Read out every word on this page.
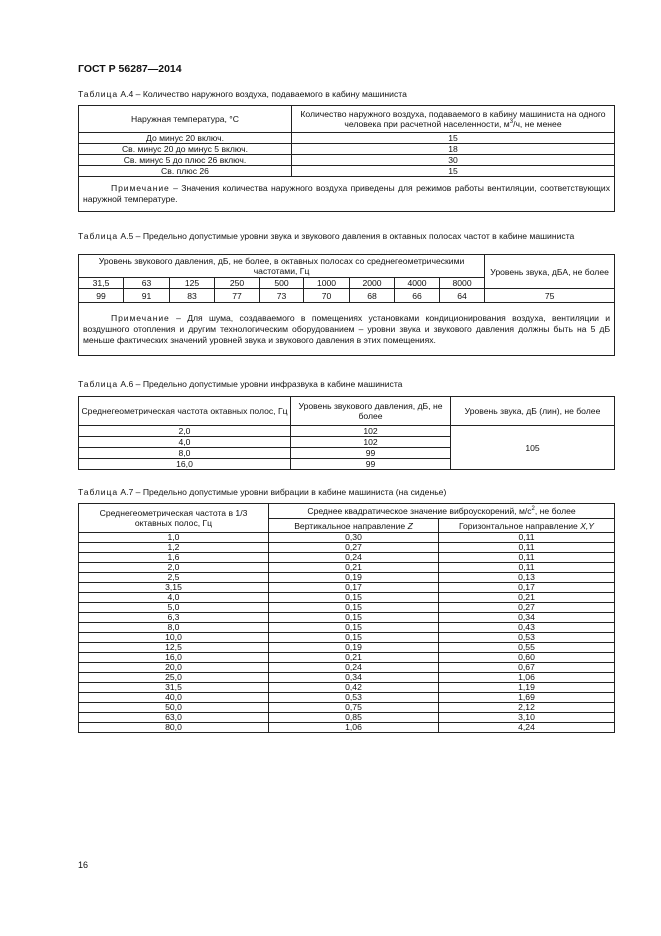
ГОСТ Р 56287—2014
Таблица А.4 – Количество наружного воздуха, подаваемого в кабину машиниста
Наружная температура, °С	Количество наружного воздуха, подаваемого в кабину машиниста на одного человека при расчетной населенности, $м^3/ч$, не менее
До минус 20 включ.	15
Св. минус 20 до минус 5 включ.	18
Св. минус 5 до плюс 26 включ.	30
Св. плюс 26	15
Примечание – Значения количества наружного воздуха приведены для режимов работы вентиляции, соответствующих наружной температуре.	
Таблица А.5 – Предельно допустимые уровни звука и звукового давления в октавных полосах частот в кабине машиниста
Уровень звукового давления, дБ, не более, в октавных полосах со среднегеометрическими частотами, Гц									Уровень звука, дБА, не более
31,5	63	125	250	500	1000	2000	4000	8000	
99	91	83	77	73	70	68	66	64	75
Примечание – Для шума, создаваемого в помещениях установками кондиционирования воздуха, вентиляции и воздушного отопления и другим технологическим оборудованием – уровни звука и звукового давления должны быть на 5 дБ меньше фактических значений уровней звука и звукового давления в этих помещениях.									
Таблица А.6 – Предельно допустимые уровни инфразвука в кабине машиниста
Среднегеометрическая частота октавных полос, Гц	Уровень звукового давления, дБ, не более	Уровень звука, дБ (лин), не более
2,0	102	105
4,0	102	
8,0	99	
16,0	99	
Таблица А.7 – Предельно допустимые уровни вибрации в кабине машиниста (на сиденье)
Среднегеометрическая частота в 1/3 октавных полос, Гц	Среднее квадратическое значение виброускорений, $м/с^2$, не более	
	Вертикальное направление Z	Горизонтальное направление X,Y
1,0	0,30	0,11
1,2	0,27	0,11
1,6	0,24	0,11
2,0	0,21	0,11
2,5	0,19	0,13
3,15	0,17	0,17
4,0	0,15	0,21
5,0	0,15	0,27
6,3	0,15	0,34
8,0	0,15	0,43
10,0	0,15	0,53
12,5	0,19	0,55
16,0	0,21	0,60
20,0	0,24	0,67
25,0	0,34	1,06
31,5	0,42	1,19
40,0	0,53	1,69
50,0	0,75	2,12
63,0	0,85	3,10
80,0	1,06	4,24
16
